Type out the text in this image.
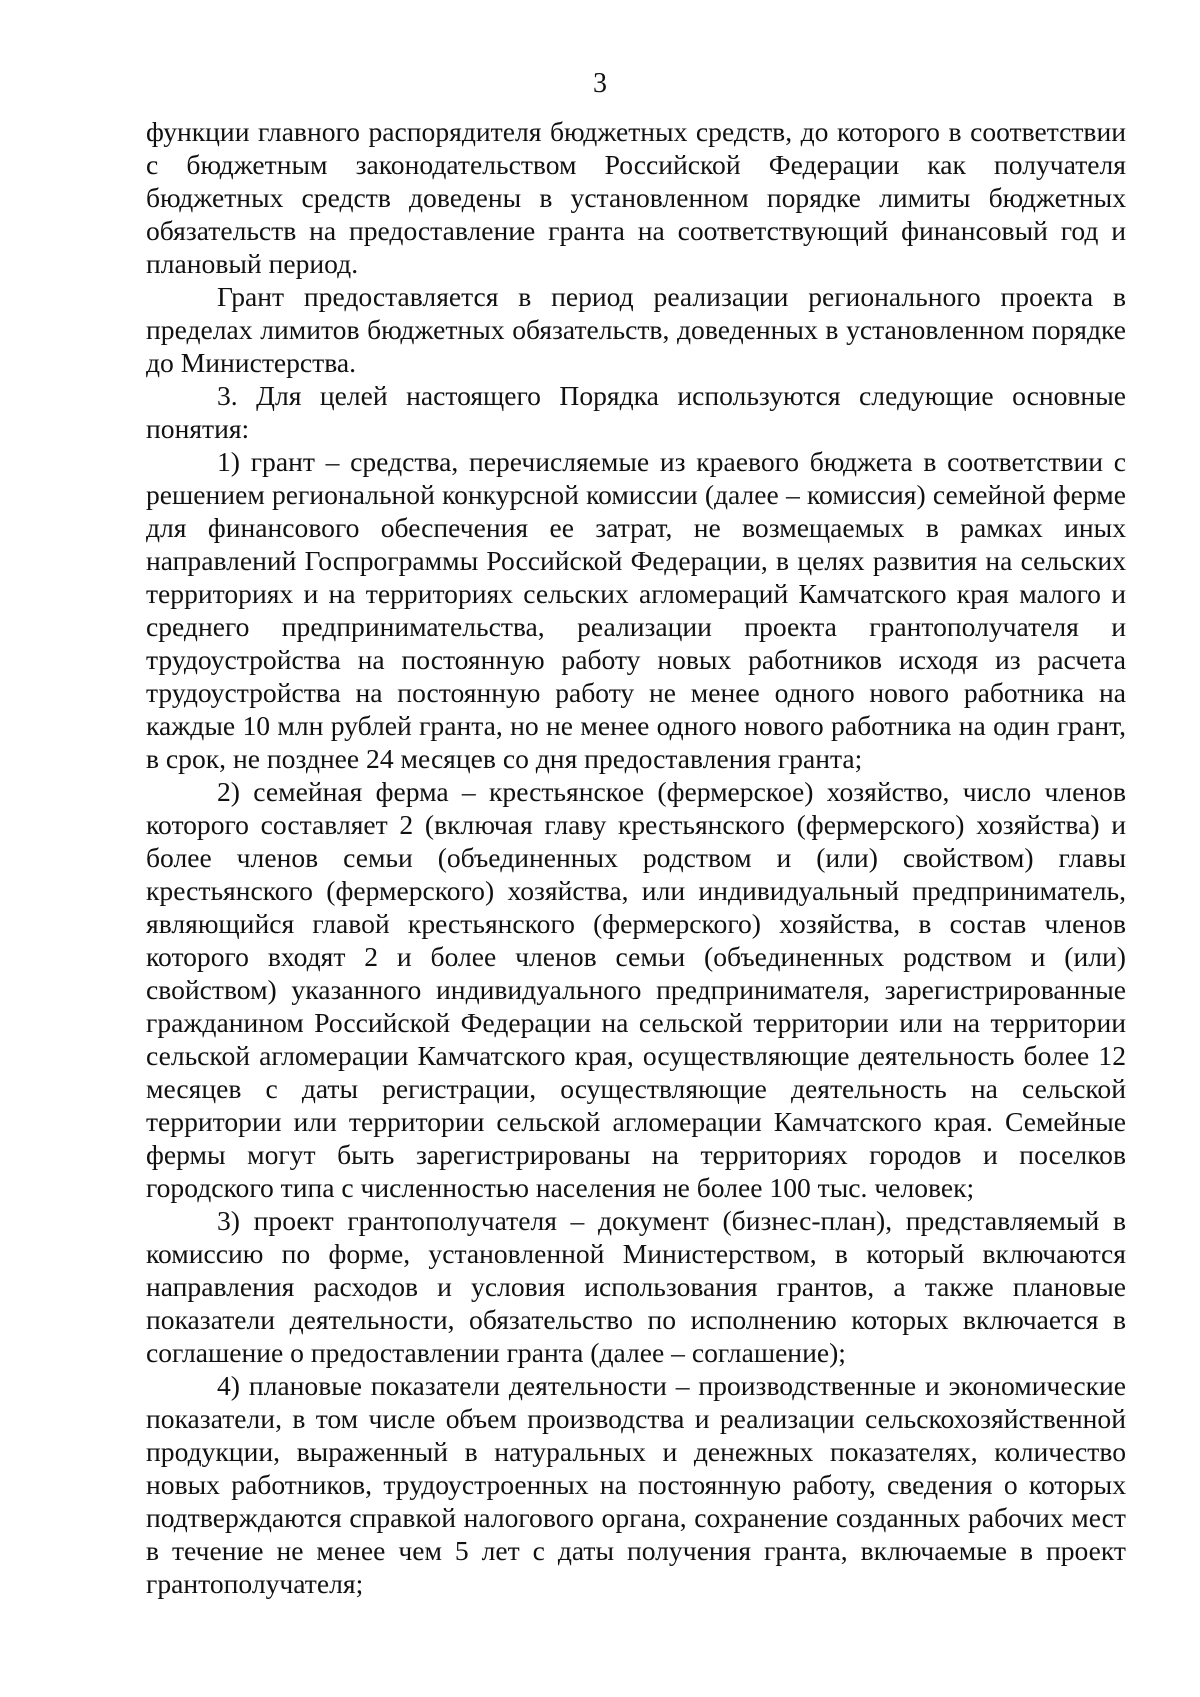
3

функции главного распорядителя бюджетных средств, до которого в соответствии с бюджетным законодательством Российской Федерации как получателя бюджетных средств доведены в установленном порядке лимиты бюджетных обязательств на предоставление гранта на соответствующий финансовый год и плановый период.

Грант предоставляется в период реализации регионального проекта в пределах лимитов бюджетных обязательств, доведенных в установленном порядке до Министерства.

3. Для целей настоящего Порядка используются следующие основные понятия:

1) грант – средства, перечисляемые из краевого бюджета в соответствии с решением региональной конкурсной комиссии (далее – комиссия) семейной ферме для финансового обеспечения ее затрат, не возмещаемых в рамках иных направлений Госпрограммы Российской Федерации, в целях развития на сельских территориях и на территориях сельских агломераций Камчатского края малого и среднего предпринимательства, реализации проекта грантополучателя и трудоустройства на постоянную работу новых работников исходя из расчета трудоустройства на постоянную работу не менее одного нового работника на каждые 10 млн рублей гранта, но не менее одного нового работника на один грант, в срок, не позднее 24 месяцев со дня предоставления гранта;

2) семейная ферма – крестьянское (фермерское) хозяйство, число членов которого составляет 2 (включая главу крестьянского (фермерского) хозяйства) и более членов семьи (объединенных родством и (или) свойством) главы крестьянского (фермерского) хозяйства, или индивидуальный предприниматель, являющийся главой крестьянского (фермерского) хозяйства, в состав членов которого входят 2 и более членов семьи (объединенных родством и (или) свойством) указанного индивидуального предпринимателя, зарегистрированные гражданином Российской Федерации на сельской территории или на территории сельской агломерации Камчатского края, осуществляющие деятельность более 12 месяцев с даты регистрации, осуществляющие деятельность на сельской территории или территории сельской агломерации Камчатского края. Семейные фермы могут быть зарегистрированы на территориях городов и поселков городского типа с численностью населения не более 100 тыс. человек;

3) проект грантополучателя – документ (бизнес-план), представляемый в комиссию по форме, установленной Министерством, в который включаются направления расходов и условия использования грантов, а также плановые показатели деятельности, обязательство по исполнению которых включается в соглашение о предоставлении гранта (далее – соглашение);

4) плановые показатели деятельности – производственные и экономические показатели, в том числе объем производства и реализации сельскохозяйственной продукции, выраженный в натуральных и денежных показателях, количество новых работников, трудоустроенных на постоянную работу, сведения о которых подтверждаются справкой налогового органа, сохранение созданных рабочих мест в течение не менее чем 5 лет с даты получения гранта, включаемые в проект грантополучателя;
